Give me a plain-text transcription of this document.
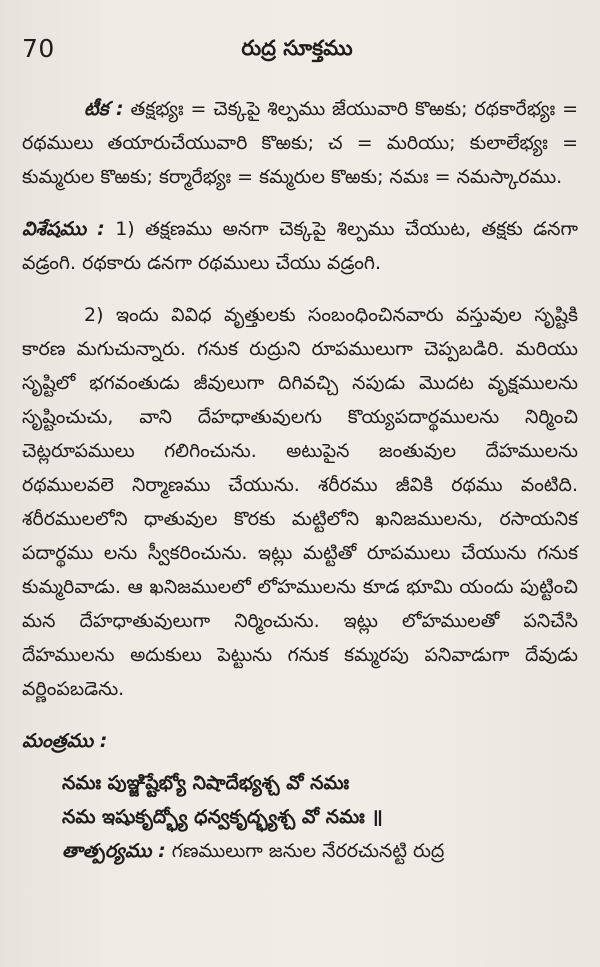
70	రుద్ర సూక్తము

టీక : తక్షభ్యః = చెక్కపై శిల్పము జేయువారి కొఱకు; రథకారేభ్యః = రథములు తయారుచేయువారి కొఱకు; చ = మరియు; కులాలేభ్యః = కుమ్మరుల కొఱకు; కర్మారేభ్యః = కమ్మరుల కొఱకు; నమః = నమస్కారము.

విశేషము : 1) తక్షణము అనగా చెక్కపై శిల్పము చేయుట, తక్షకు డనగా వడ్రంగి. రథకారు డనగా రథములు చేయు వడ్రంగి.

2) ఇందు వివిధ వృత్తులకు సంబంధించినవారు వస్తువుల సృష్టికి కారణ మగుచున్నారు. గనుక రుద్రుని రూపములుగా చెప్పబడిరి. మరియు సృష్టిలో భగవంతుడు జీవులుగా దిగివచ్చి నపుడు మొదట వృక్షములను సృష్టించుచు, వాని దేహధాతువులగు కొయ్యపదార్థములను నిర్మించి చెట్లరూపములు గలిగించును. అటుపైన జంతువుల దేహములను రథములవలె నిర్మాణము చేయును. శరీరము జీవికి రథము వంటిది. శరీరములలోని ధాతువుల కొరకు మట్టిలోని ఖనిజములను, రసాయనిక పదార్థము లను స్వీకరించును. ఇట్లు మట్టితో రూపములు చేయును గనుక కుమ్మరివాడు. ఆ ఖనిజములలో లోహములను కూడ భూమి యందు పుట్టించి మన దేహధాతువులుగా నిర్మించును. ఇట్లు లోహములతో పనిచేసి దేహములను అదుకులు పెట్టును గనుక కమ్మరపు పనివాడుగా దేవుడు వర్ణింపబడెను.

మంత్రము :

నమః పుఞ్జిష్టేభ్యో నిషాదేభ్యశ్చ వో నమః

నమ ఇషుకృద్భ్యో ధన్వకృద్భ్యశ్చ వో నమః ॥

తాత్పర్యము : గణములుగా జనుల నేరరచునట్టి రుద్ర
